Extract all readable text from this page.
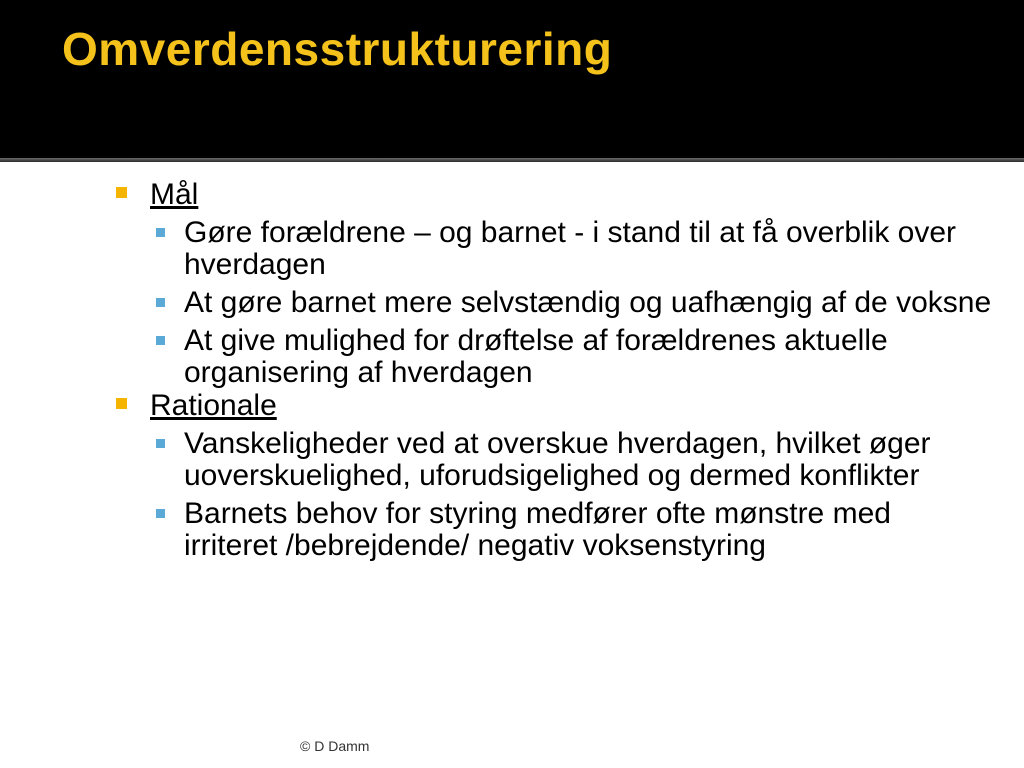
Omverdensstrukturering
Mål
Gøre forældrene – og barnet - i stand til at få overblik over hverdagen
At gøre barnet mere selvstændig og uafhængig af de voksne
At give mulighed for drøftelse af forældrenes aktuelle organisering af hverdagen
Rationale
Vanskeligheder ved at overskue hverdagen, hvilket øger uoverskuelighed, uforudsigelighed og dermed konflikter
Barnets behov for styring medfører ofte mønstre med irriteret /bebrejdende/ negativ voksenstyring
© D Damm
